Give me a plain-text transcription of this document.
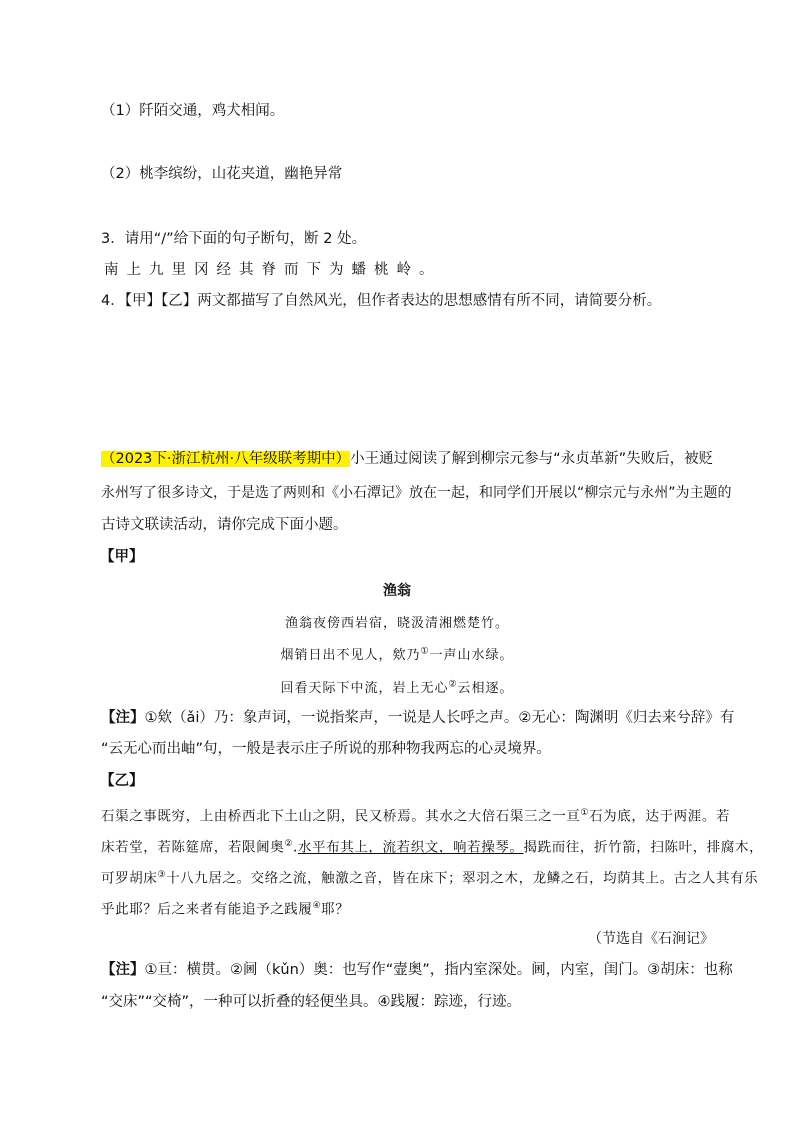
（1）阡陌交通，鸡犬相闻。
（2）桃李缤纷，山花夹道，幽艳异常
3．请用“/”给下面的句子断句，断 2 处。
南上九里冈经其脊而下为蟠桃岭。
4．【甲】【乙】两文都描写了自然风光，但作者表达的思想感情有所不同，请简要分析。
（2023下·浙江杭州·八年级联考期中）小王通过阅读了解到柳宗元参与“永贞革新”失败后，被贬
永州写了很多诗文，于是选了两则和《小石潭记》放在一起，和同学们开展以“柳宗元与永州”为主题的
古诗文联读活动，请你完成下面小题。
【甲】
渔翁
渔翁夜傍西岩宿，晓汲清湘燃楚竹。
烟销日出不见人，欸乃①一声山水绿。
回看天际下中流，岩上无心②云相逐。
【注】①欸（ǎi）乃：象声词，一说指桨声，一说是人长呼之声。②无心：陶渊明《归去来兮辞》有
“云无心而出岫”句，一般是表示庄子所说的那种物我两忘的心灵境界。
【乙】
石渠之事既穷，上由桥西北下土山之阴，民又桥焉。其水之大倍石渠三之一亘①石为底，达于两涯。若
床若堂，若陈筵席，若限阃奥②.水平布其上，流若织文，响若操琴。揭跣而往，折竹箭，扫陈叶，排腐木，
可罗胡床③十八九居之。交络之流，触激之音，皆在床下；翠羽之木，龙鳞之石，均荫其上。古之人其有乐
乎此耶？后之来者有能追予之践履④耶？
（节选自《石涧记》
【注】①亘：横贯。②阃（kǔn）奥：也写作“壸奥”，指内室深处。阃，内室，闺门。③胡床：也称
“交床”“交椅”，一种可以折叠的轻便坐具。④践履：踪迹，行迹。
